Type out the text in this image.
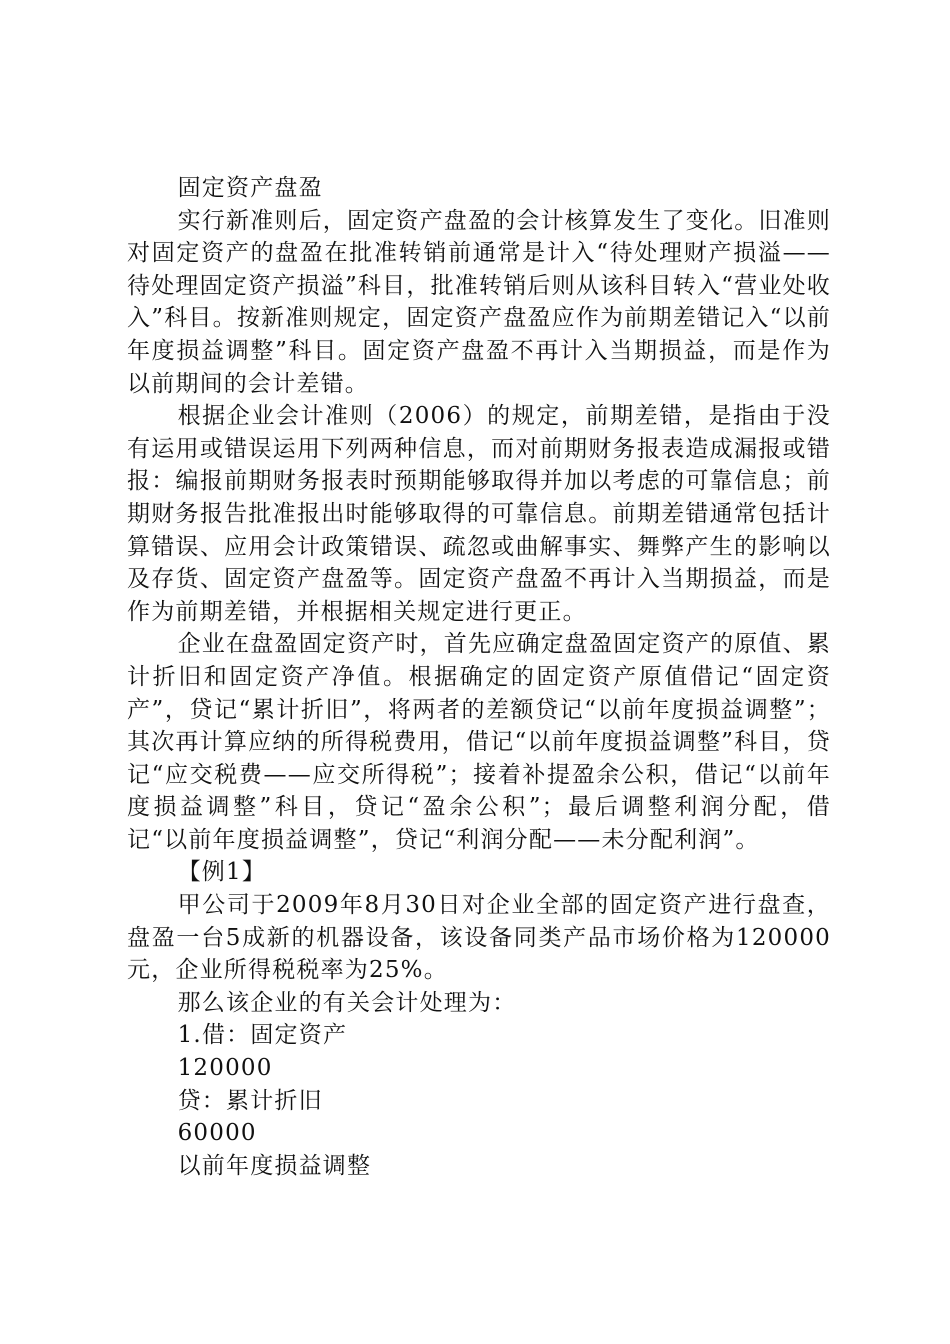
固定资产盘盈

实行新准则后，固定资产盘盈的会计核算发生了变化。旧准则对固定资产的盘盈在批准转销前通常是计入“待处理财产损溢——待处理固定资产损溢”科目，批准转销后则从该科目转入“营业处收入”科目。按新准则规定，固定资产盘盈应作为前期差错记入“以前年度损益调整”科目。固定资产盘盈不再计入当期损益，而是作为以前期间的会计差错。

根据企业会计准则（2006）的规定，前期差错，是指由于没有运用或错误运用下列两种信息，而对前期财务报表造成漏报或错报：编报前期财务报表时预期能够取得并加以考虑的可靠信息；前期财务报告批准报出时能够取得的可靠信息。前期差错通常包括计算错误、应用会计政策错误、疏忽或曲解事实、舞弊产生的影响以及存货、固定资产盘盈等。固定资产盘盈不再计入当期损益，而是作为前期差错，并根据相关规定进行更正。

企业在盘盈固定资产时，首先应确定盘盈固定资产的原值、累计折旧和固定资产净值。根据确定的固定资产原值借记“固定资产”，贷记“累计折旧”，将两者的差额贷记“以前年度损益调整”；其次再计算应纳的所得税费用，借记“以前年度损益调整”科目，贷记“应交税费——应交所得税”；接着补提盈余公积，借记“以前年度损益调整”科目，贷记“盈余公积”；最后调整利润分配，借记“以前年度损益调整”，贷记“利润分配——未分配利润”。

【例1】

甲公司于2009年8月30日对企业全部的固定资产进行盘查，盘盈一台5成新的机器设备，该设备同类产品市场价格为120000元，企业所得税税率为25%。

那么该企业的有关会计处理为：

1.借：固定资产

120000

贷：累计折旧

60000

以前年度损益调整
